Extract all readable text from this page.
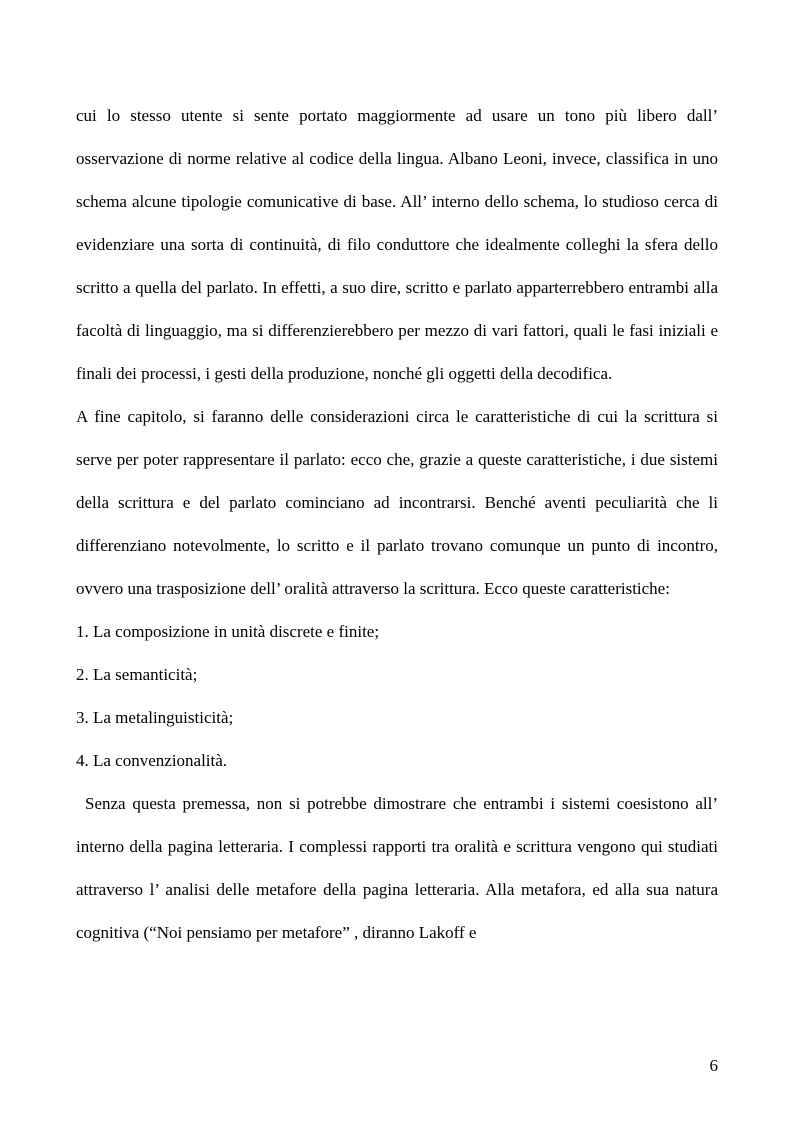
cui lo stesso utente si sente portato maggiormente ad usare un tono più libero dall’ osservazione di norme relative al codice della lingua. Albano Leoni, invece, classifica in uno schema alcune tipologie comunicative di base. All’ interno dello schema, lo studioso cerca di evidenziare una sorta di continuità, di filo conduttore che idealmente colleghi la sfera dello scritto a quella del parlato. In effetti, a suo dire, scritto e parlato apparterrebbero entrambi alla facoltà di linguaggio, ma si differenzierebbero per mezzo di vari fattori, quali le fasi iniziali e finali dei processi, i gesti della produzione, nonché gli oggetti della decodifica.

A fine capitolo, si faranno delle considerazioni circa le caratteristiche di cui la scrittura si serve per poter rappresentare il parlato: ecco che, grazie a queste caratteristiche, i due sistemi della scrittura e del parlato cominciano ad incontrarsi. Benché aventi peculiarità che li differenziano notevolmente, lo scritto e il parlato trovano comunque un punto di incontro, ovvero una trasposizione dell’ oralità attraverso la scrittura. Ecco queste caratteristiche:

1. La composizione in unità discrete e finite;

2. La semanticità;

3. La metalinguisticità;

4. La convenzionalità.

Senza questa premessa, non si potrebbe dimostrare che entrambi i sistemi coesistono all’ interno della pagina letteraria. I complessi rapporti tra oralità e scrittura vengono qui studiati attraverso l’ analisi delle metafore della pagina letteraria. Alla metafora, ed alla sua natura cognitiva (“Noi pensiamo per metafore” , diranno Lakoff e

6
